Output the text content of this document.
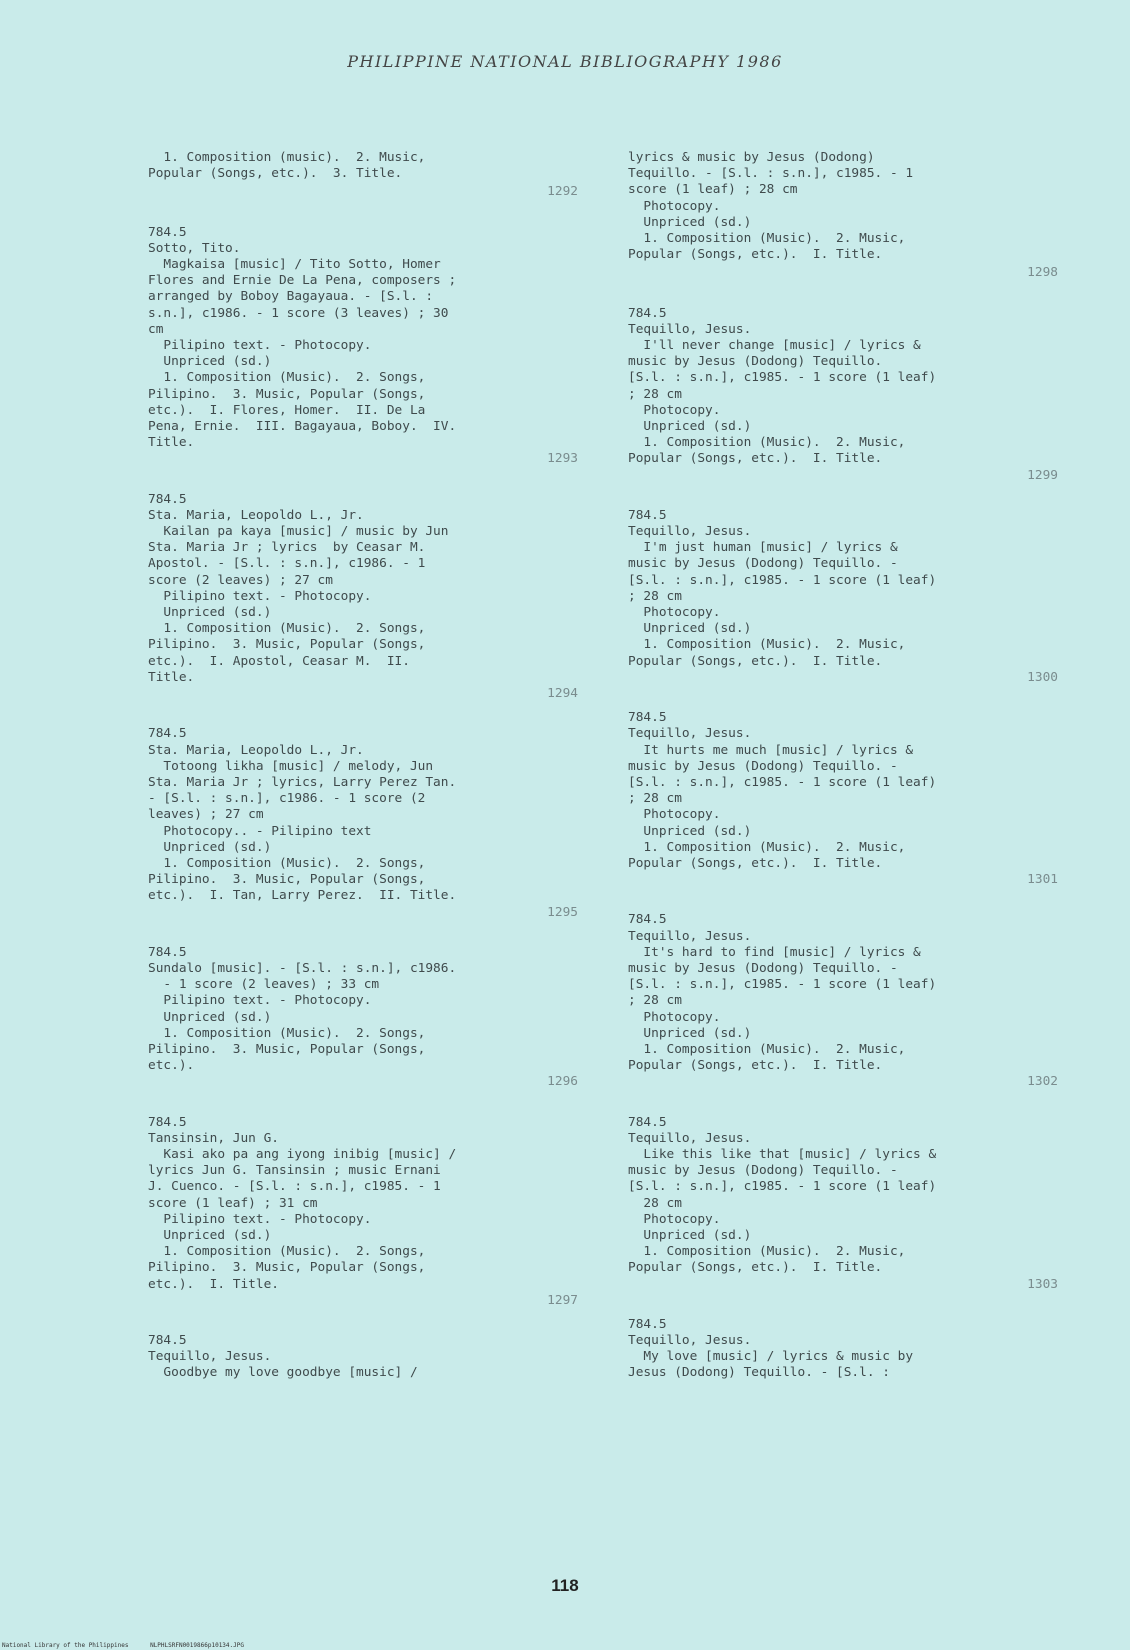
PHILIPPINE NATIONAL BIBLIOGRAPHY 1986
1. Composition (music).  2. Music,
Popular (Songs, etc.).  3. Title.
1292
784.5
Sotto, Tito.
Magkaisa [music] / Tito Sotto, Homer
Flores and Ernie De La Pena, composers ;
arranged by Boboy Bagayaua. - [S.l. :
s.n.], c1986. - 1 score (3 leaves) ; 30
cm
Pilipino text. - Photocopy.
Unpriced (sd.)
1. Composition (Music).  2. Songs,
Pilipino.  3. Music, Popular (Songs,
etc.).  I. Flores, Homer.  II. De La
Pena, Ernie.  III. Bagayaua, Boboy.  IV.
Title.
1293
784.5
Sta. Maria, Leopoldo L., Jr.
Kailan pa kaya [music] / music by Jun
Sta. Maria Jr ; lyrics  by Ceasar M.
Apostol. - [S.l. : s.n.], c1986. - 1
score (2 leaves) ; 27 cm
Pilipino text. - Photocopy.
Unpriced (sd.)
1. Composition (Music).  2. Songs,
Pilipino.  3. Music, Popular (Songs,
etc.).  I. Apostol, Ceasar M.  II.
Title.
1294
784.5
Sta. Maria, Leopoldo L., Jr.
Totoong likha [music] / melody, Jun
Sta. Maria Jr ; lyrics, Larry Perez Tan.
- [S.l. : s.n.], c1986. - 1 score (2
leaves) ; 27 cm
Photocopy.. - Pilipino text
Unpriced (sd.)
1. Composition (Music).  2. Songs,
Pilipino.  3. Music, Popular (Songs,
etc.).  I. Tan, Larry Perez.  II. Title.
1295
784.5
Sundalo [music]. - [S.l. : s.n.], c1986.
- 1 score (2 leaves) ; 33 cm
Pilipino text. - Photocopy.
Unpriced (sd.)
1. Composition (Music).  2. Songs,
Pilipino.  3. Music, Popular (Songs,
etc.).
1296
784.5
Tansinsin, Jun G.
Kasi ako pa ang iyong inibig [music] /
lyrics Jun G. Tansinsin ; music Ernani
J. Cuenco. - [S.l. : s.n.], c1985. - 1
score (1 leaf) ; 31 cm
Pilipino text. - Photocopy.
Unpriced (sd.)
1. Composition (Music).  2. Songs,
Pilipino.  3. Music, Popular (Songs,
etc.).  I. Title.
1297
784.5
Tequillo, Jesus.
Goodbye my love goodbye [music] /
lyrics & music by Jesus (Dodong)
Tequillo. - [S.l. : s.n.], c1985. - 1
score (1 leaf) ; 28 cm
Photocopy.
Unpriced (sd.)
1. Composition (Music).  2. Music,
Popular (Songs, etc.).  I. Title.
1298
784.5
Tequillo, Jesus.
I'll never change [music] / lyrics &
music by Jesus (Dodong) Tequillo.
[S.l. : s.n.], c1985. - 1 score (1 leaf)
; 28 cm
Photocopy.
Unpriced (sd.)
1. Composition (Music).  2. Music,
Popular (Songs, etc.).  I. Title.
1299
784.5
Tequillo, Jesus.
I'm just human [music] / lyrics &
music by Jesus (Dodong) Tequillo. -
[S.l. : s.n.], c1985. - 1 score (1 leaf)
; 28 cm
Photocopy.
Unpriced (sd.)
1. Composition (Music).  2. Music,
Popular (Songs, etc.).  I. Title.
1300
784.5
Tequillo, Jesus.
It hurts me much [music] / lyrics &
music by Jesus (Dodong) Tequillo. -
[S.l. : s.n.], c1985. - 1 score (1 leaf)
; 28 cm
Photocopy.
Unpriced (sd.)
1. Composition (Music).  2. Music,
Popular (Songs, etc.).  I. Title.
1301
784.5
Tequillo, Jesus.
It's hard to find [music] / lyrics &
music by Jesus (Dodong) Tequillo. -
[S.l. : s.n.], c1985. - 1 score (1 leaf)
; 28 cm
Photocopy.
Unpriced (sd.)
1. Composition (Music).  2. Music,
Popular (Songs, etc.).  I. Title.
1302
784.5
Tequillo, Jesus.
Like this like that [music] / lyrics &
music by Jesus (Dodong) Tequillo. -
[S.l. : s.n.], c1985. - 1 score (1 leaf)
28 cm
Photocopy.
Unpriced (sd.)
1. Composition (Music).  2. Music,
Popular (Songs, etc.).  I. Title.
1303
784.5
Tequillo, Jesus.
My love [music] / lyrics & music by
Jesus (Dodong) Tequillo. - [S.l. :
118
National Library of the Philippines	NLPHLSRFN0019866p10134.JPG
